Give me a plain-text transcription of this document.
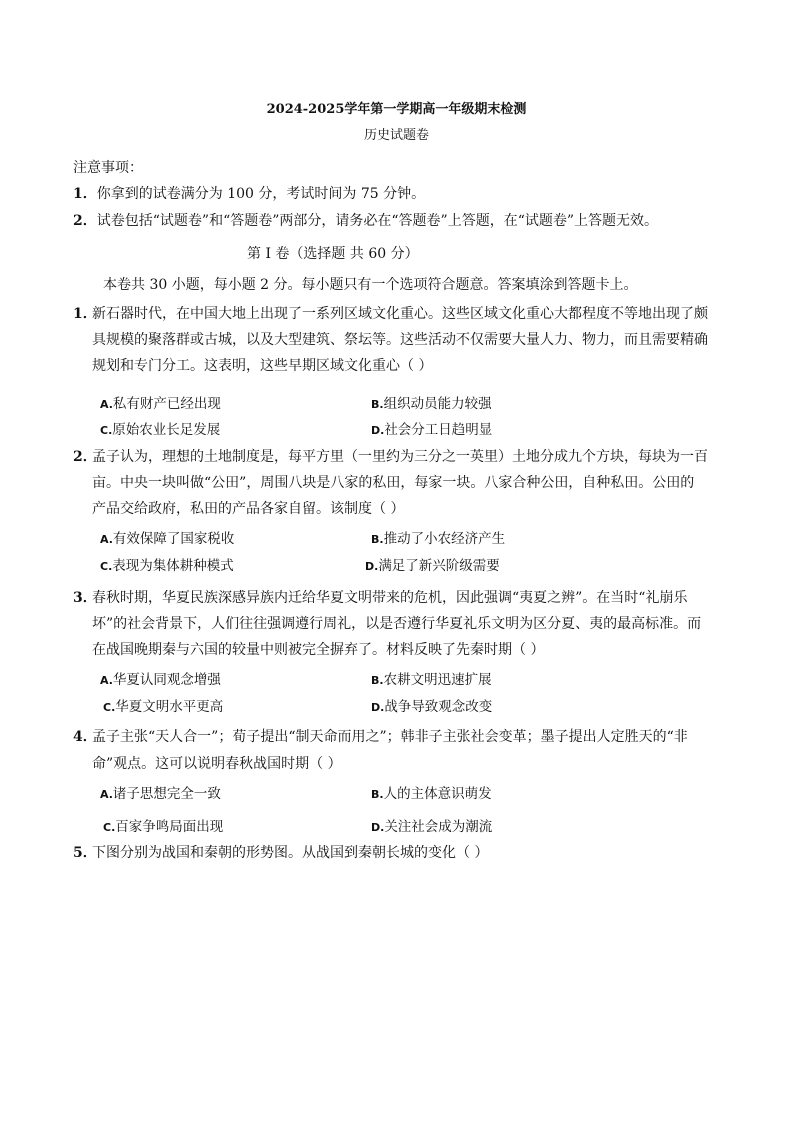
2024-2025学年第一学期高一年级期末检测
历史试题卷
注意事项：
1．你拿到的试卷满分为 100 分，考试时间为 75 分钟。
2．试卷包括“试题卷”和“答题卷”两部分，请务必在“答题卷”上答题，在“试题卷”上答题无效。
第 Ⅰ 卷（选择题 共 60 分）
本卷共 30 小题，每小题 2 分。每小题只有一个选项符合题意。答案填涂到答题卡上。
1．
新石器时代，在中国大地上出现了一系列区域文化重心。这些区域文化重心大都程度不等地出现了颇
具规模的聚落群或古城，以及大型建筑、祭坛等。这些活动不仅需要大量人力、物力，而且需要精确
规划和专门分工。这表明，这些早期区域文化重心（ ）
A.私有财产已经出现	B.组织动员能力较强
C.原始农业长足发展	D.社会分工日趋明显
2．
孟子认为，理想的土地制度是，每平方里（一里约为三分之一英里）土地分成九个方块，每块为一百
亩。中央一块叫做“公田”，周围八块是八家的私田，每家一块。八家合种公田，自种私田。公田的
产品交给政府，私田的产品各家自留。该制度（ ）
A.有效保障了国家税收	B.推动了小农经济产生
C.表现为集体耕种模式	D.满足了新兴阶级需要
3．
春秋时期，华夏民族深感异族内迁给华夏文明带来的危机，因此强调“夷夏之辨”。在当时“礼崩乐
坏”的社会背景下，人们往往强调遵行周礼，以是否遵行华夏礼乐文明为区分夏、夷的最高标准。而
在战国晚期秦与六国的较量中则被完全摒弃了。材料反映了先秦时期（ ）
A.华夏认同观念增强	B.农耕文明迅速扩展
C.华夏文明水平更高	D.战争导致观念改变
4．
孟子主张“天人合一”；荀子提出“制天命而用之”；韩非子主张社会变革；墨子提出人定胜天的“非
命”观点。这可以说明春秋战国时期（ ）
A.诸子思想完全一致	B.人的主体意识萌发
C.百家争鸣局面出现	D.关注社会成为潮流
5．
下图分别为战国和秦朝的形势图。从战国到秦朝长城的变化（ ）
